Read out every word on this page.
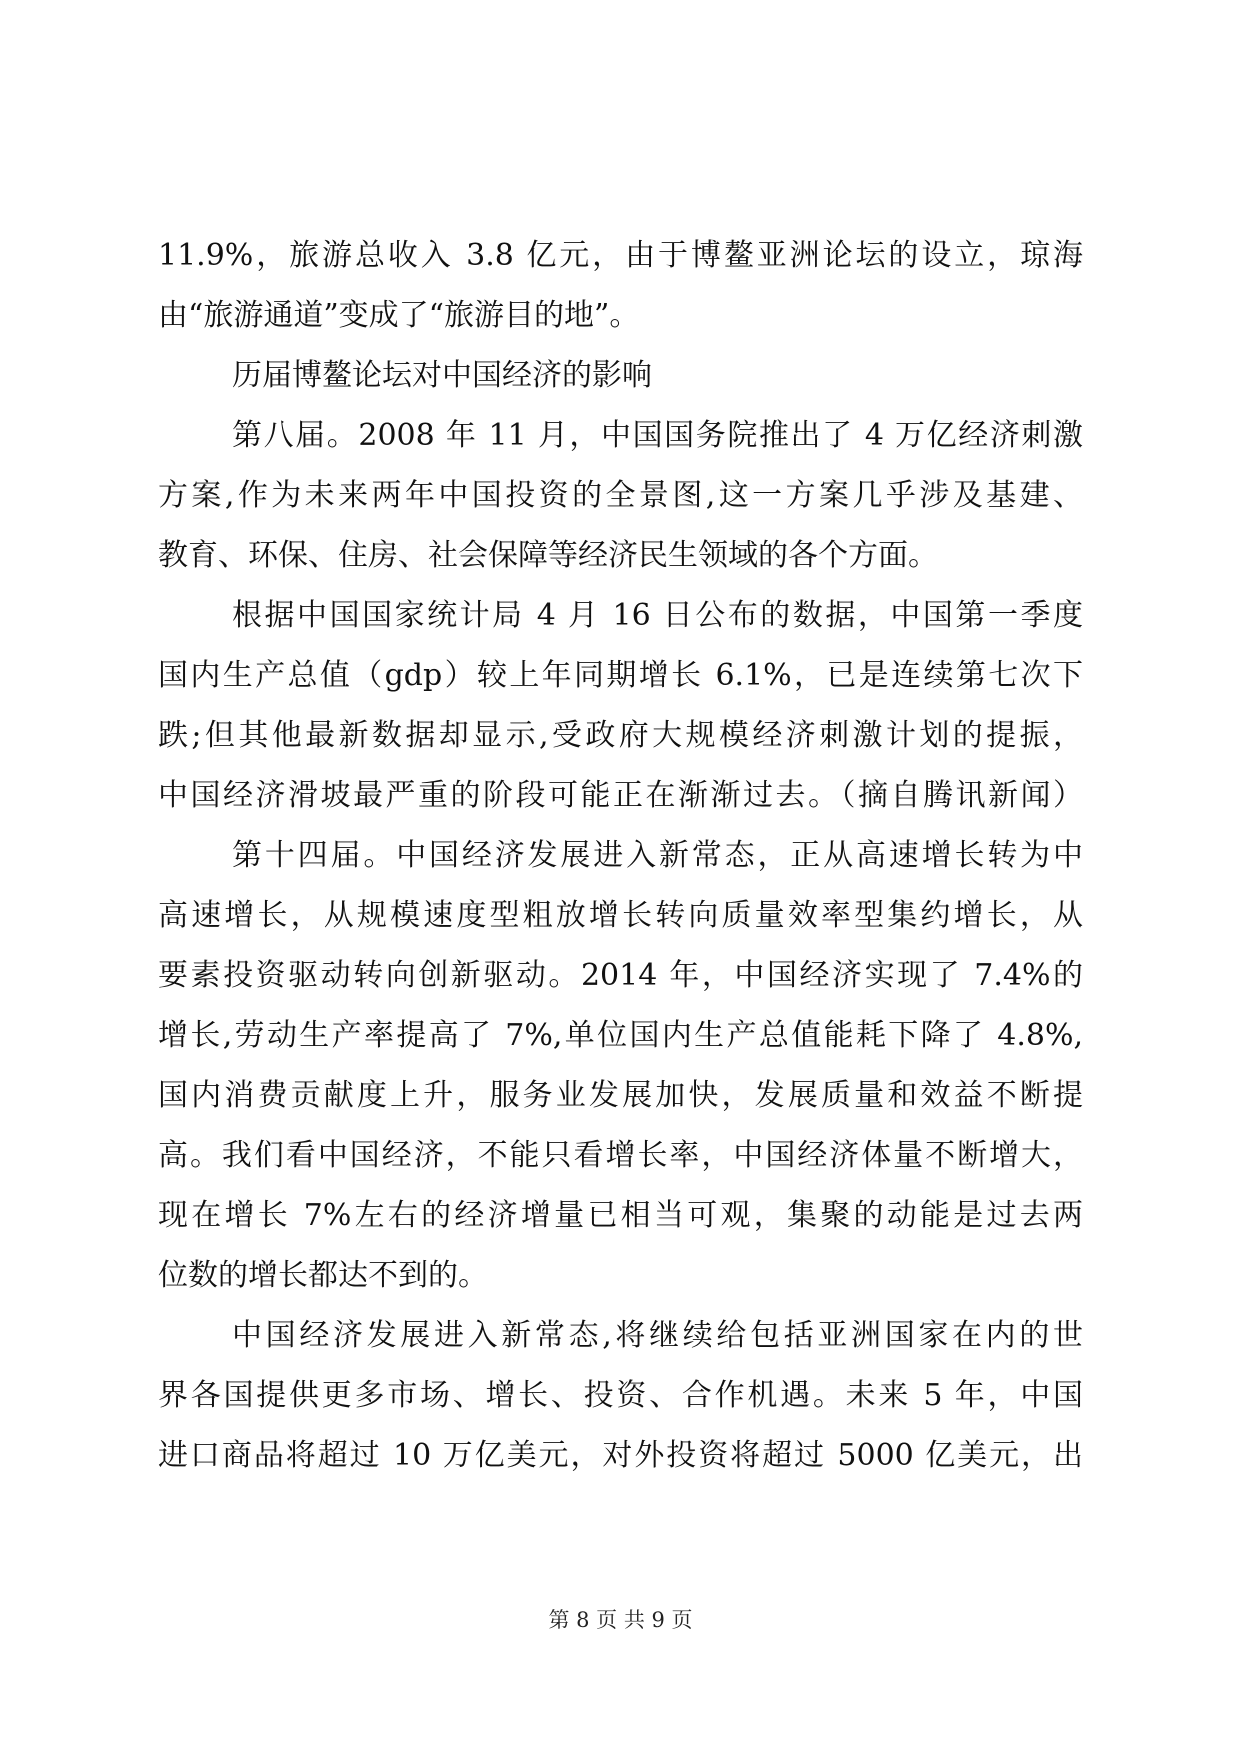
11.9%，旅游总收入 3.8 亿元，由于博鳌亚洲论坛的设立，琼海
由“旅游通道”变成了“旅游目的地”。
历届博鳌论坛对中国经济的影响
第八届。2008 年 11 月，中国国务院推出了 4 万亿经济刺激
方案,作为未来两年中国投资的全景图,这一方案几乎涉及基建、
教育、环保、住房、社会保障等经济民生领域的各个方面。
根据中国国家统计局 4 月 16 日公布的数据，中国第一季度
国内生产总值（gdp）较上年同期增长 6.1%，已是连续第七次下
跌;但其他最新数据却显示,受政府大规模经济刺激计划的提振，
中国经济滑坡最严重的阶段可能正在渐渐过去。（摘自腾讯新闻）
第十四届。中国经济发展进入新常态，正从高速增长转为中
高速增长，从规模速度型粗放增长转向质量效率型集约增长，从
要素投资驱动转向创新驱动。2014 年，中国经济实现了 7.4%的
增长,劳动生产率提高了 7%,单位国内生产总值能耗下降了 4.8%,
国内消费贡献度上升，服务业发展加快，发展质量和效益不断提
高。我们看中国经济，不能只看增长率，中国经济体量不断增大，
现在增长 7%左右的经济增量已相当可观，集聚的动能是过去两
位数的增长都达不到的。
中国经济发展进入新常态,将继续给包括亚洲国家在内的世
界各国提供更多市场、增长、投资、合作机遇。未来 5 年，中国
进口商品将超过 10 万亿美元，对外投资将超过 5000 亿美元，出
第 8 页 共 9 页
